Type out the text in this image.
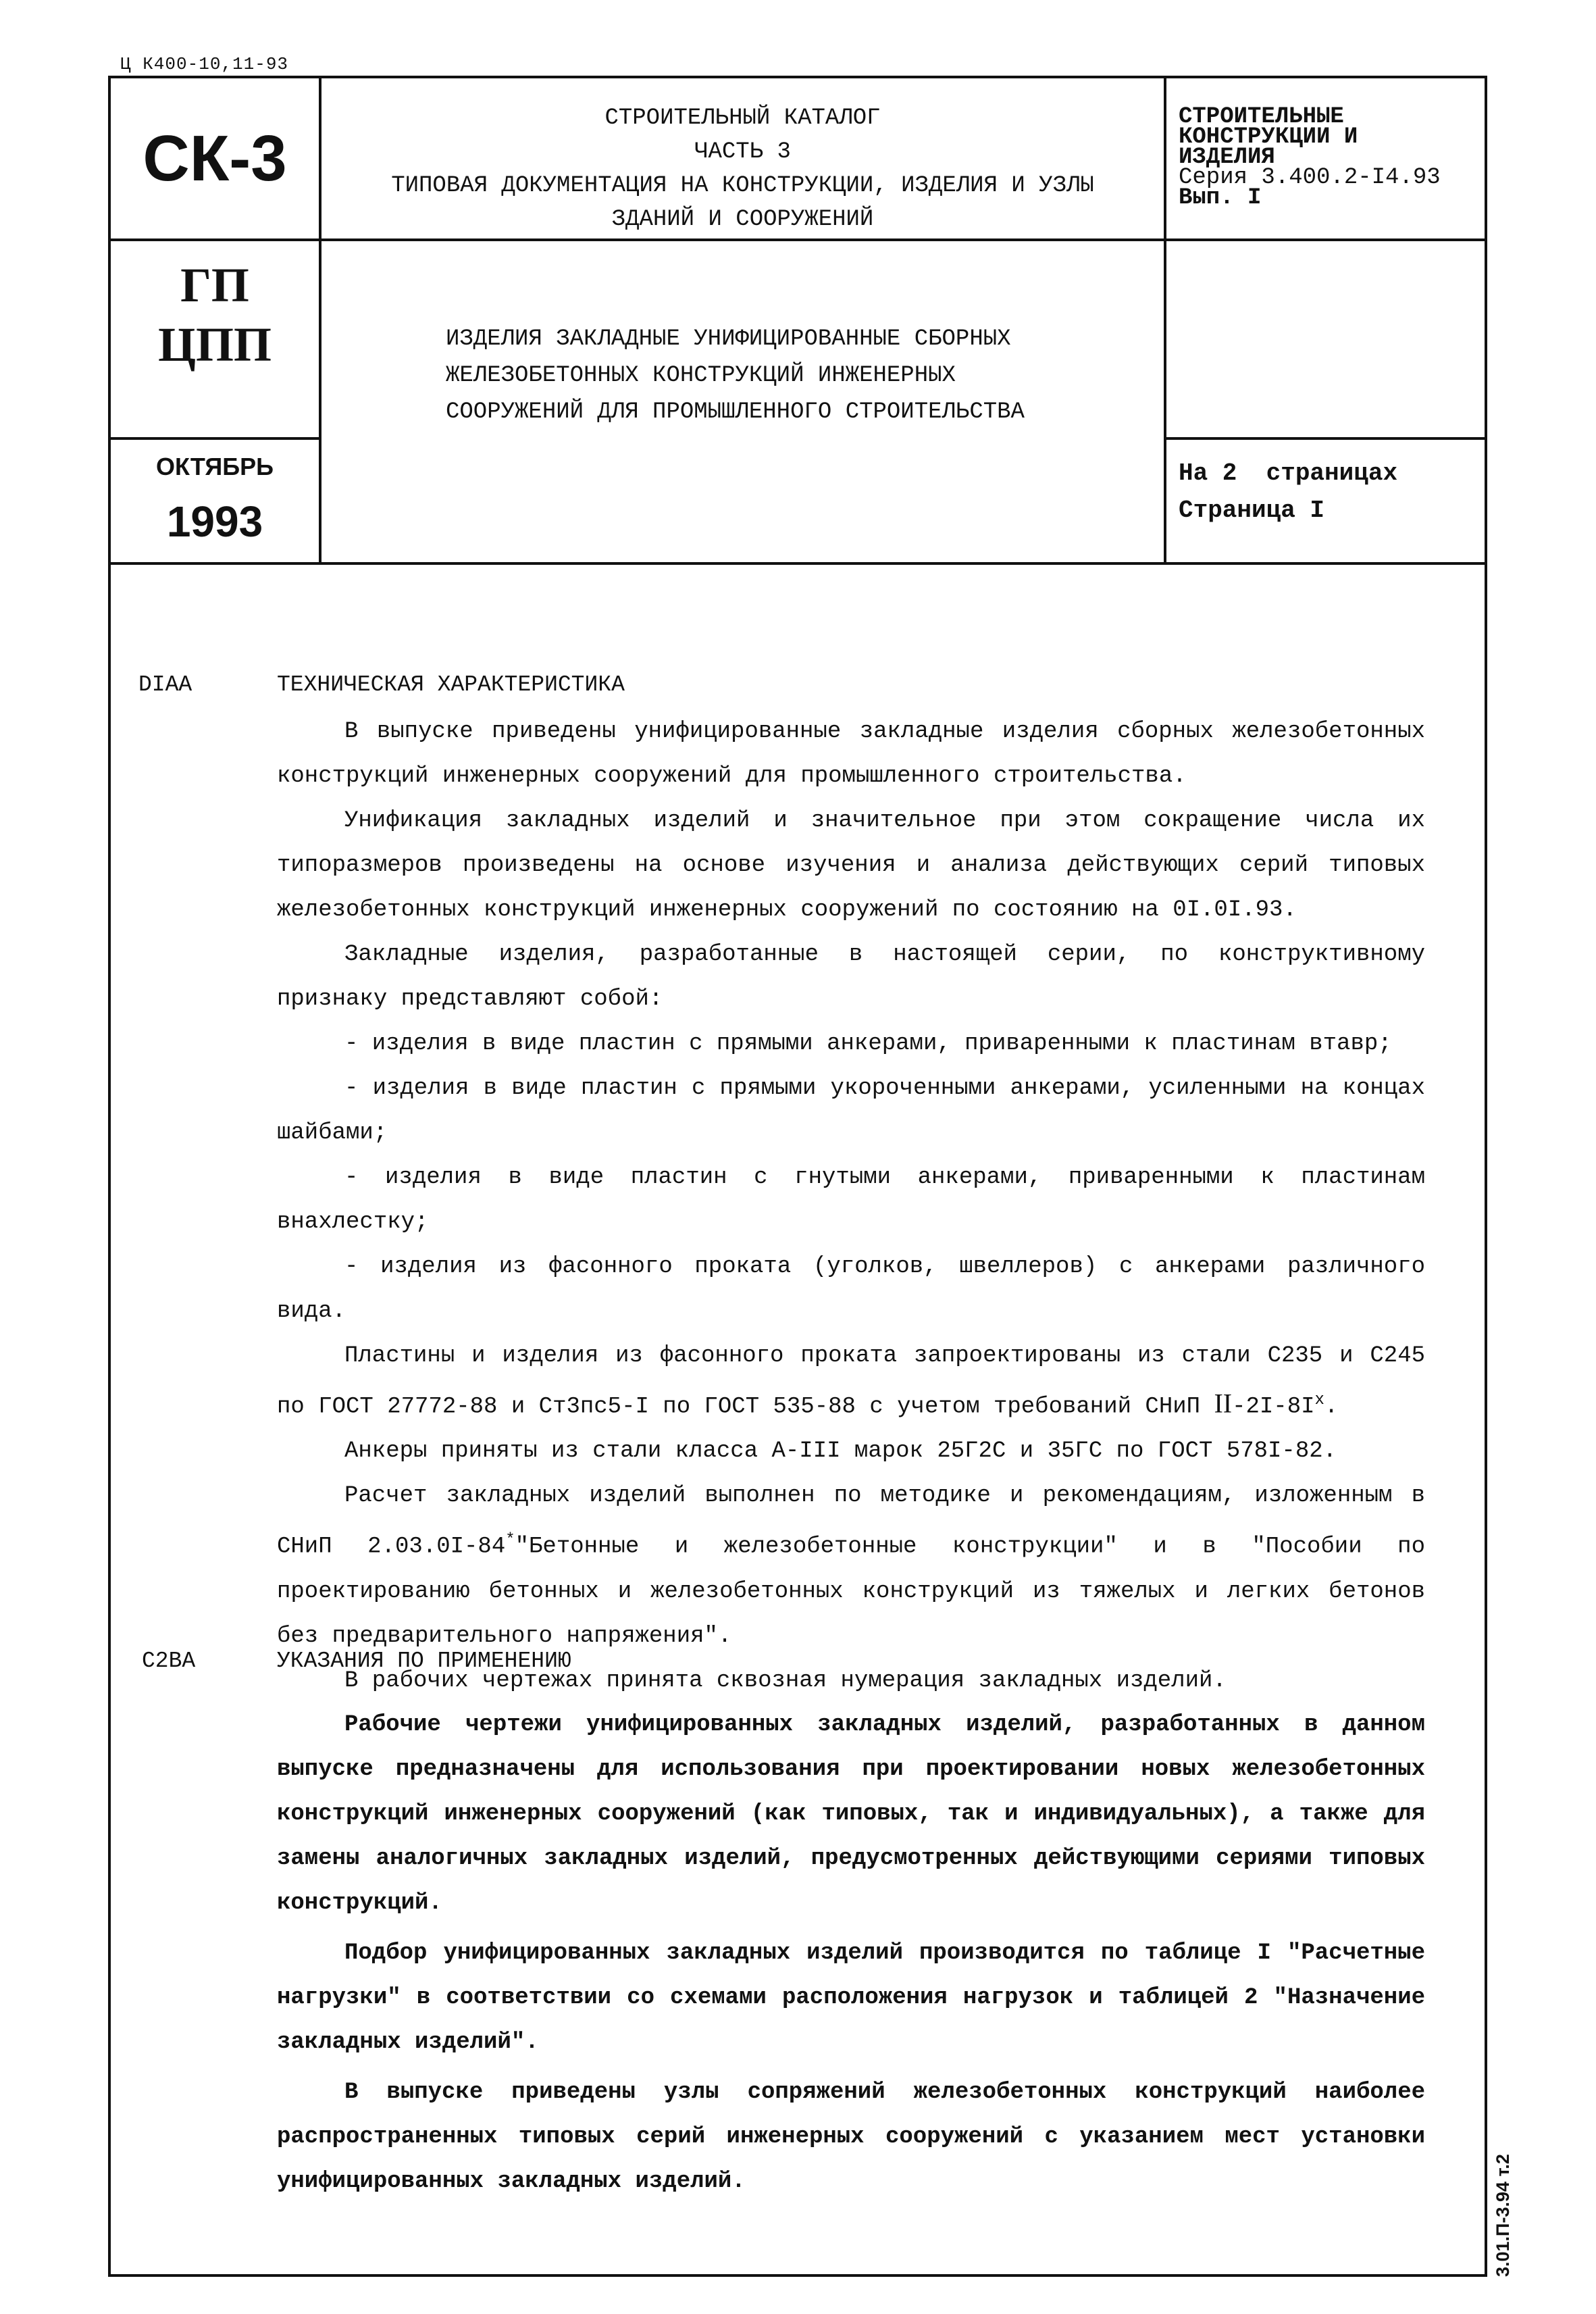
Ц К400-10,11-93
СК-3
СТРОИТЕЛЬНЫЙ КАТАЛОГ
ЧАСТЬ 3
ТИПОВАЯ ДОКУМЕНТАЦИЯ НА КОНСТРУКЦИИ, ИЗДЕЛИЯ И УЗЛЫ
ЗДАНИЙ И СООРУЖЕНИЙ
СТРОИТЕЛЬНЫЕ
КОНСТРУКЦИИ И
ИЗДЕЛИЯ
Серия 3.400.2-I4.93
Вып. I
ГП
ЦПП	ИЗДЕЛИЯ ЗАКЛАДНЫЕ УНИФИЦИРОВАННЫЕ СБОРНЫХ
ЖЕЛЕЗОБЕТОННЫХ КОНСТРУКЦИЙ ИНЖЕНЕРНЫХ
СООРУЖЕНИЙ ДЛЯ ПРОМЫШЛЕННОГО СТРОИТЕЛЬСТВА
ОКТЯБРЬ
1993
На 2  страницах
Страница I
DIAA	ТЕХНИЧЕСКАЯ ХАРАКТЕРИСТИКА
В выпуске приведены унифицированные закладные изделия сборных железобетонных конструкций инженерных сооружений для промышленного строительства.
Унификация закладных изделий и значительное при этом сокращение числа их типоразмеров произведены на основе изучения и анализа действующих серий типовых железобетонных конструкций инженерных сооружений по состоянию на 0I.0I.93.
Закладные изделия, разработанные в настоящей серии, по конструктивному признаку представляют собой:
- изделия в виде пластин с прямыми анкерами, приваренными к пластинам втавр;
- изделия в виде пластин с прямыми укороченными анкерами, усиленными на концах шайбами;
- изделия в виде пластин с гнутыми анкерами, приваренными к пластинам внахлестку;
- изделия из фасонного проката (уголков, швеллеров) с анкерами различного вида.
Пластины и изделия из фасонного проката запроектированы из стали С235 и С245 по ГОСТ 27772-88 и Ст3пс5-I по ГОСТ 535-88 с учетом требований СНиП $II-2I-8I^х$.
Анкеры приняты из стали класса А-III марок 25Г2С и 35ГС по ГОСТ 578I-82.
Расчет закладных изделий выполнен по методике и рекомендациям, изложенным в СНиП 2.03.0I-84*"Бетонные и железобетонные конструкции" и в "Пособии по проектированию бетонных и железобетонных конструкций из тяжелых и легких бетонов без предварительного напряжения".
В рабочих чертежах принята сквозная нумерация закладных изделий.
C2BA	УКАЗАНИЯ ПО ПРИМЕНЕНИЮ
Рабочие чертежи унифицированных закладных изделий, разработанных в данном выпуске предназначены для использования при проектировании новых железобетонных конструкций инженерных сооружений (как типовых, так и индивидуальных), а также для замены аналогичных закладных изделий, предусмотренных действующими сериями типовых конструкций.
Подбор унифицированных закладных изделий производится по таблице I "Расчетные нагрузки" в соответствии со схемами расположения нагрузок и таблицей 2 "Назначение закладных изделий".
В выпуске приведены узлы сопряжений железобетонных конструкций наиболее распространенных типовых серий инженерных сооружений с указанием мест установки унифицированных закладных изделий.	3.01.П-3.94 т.2
